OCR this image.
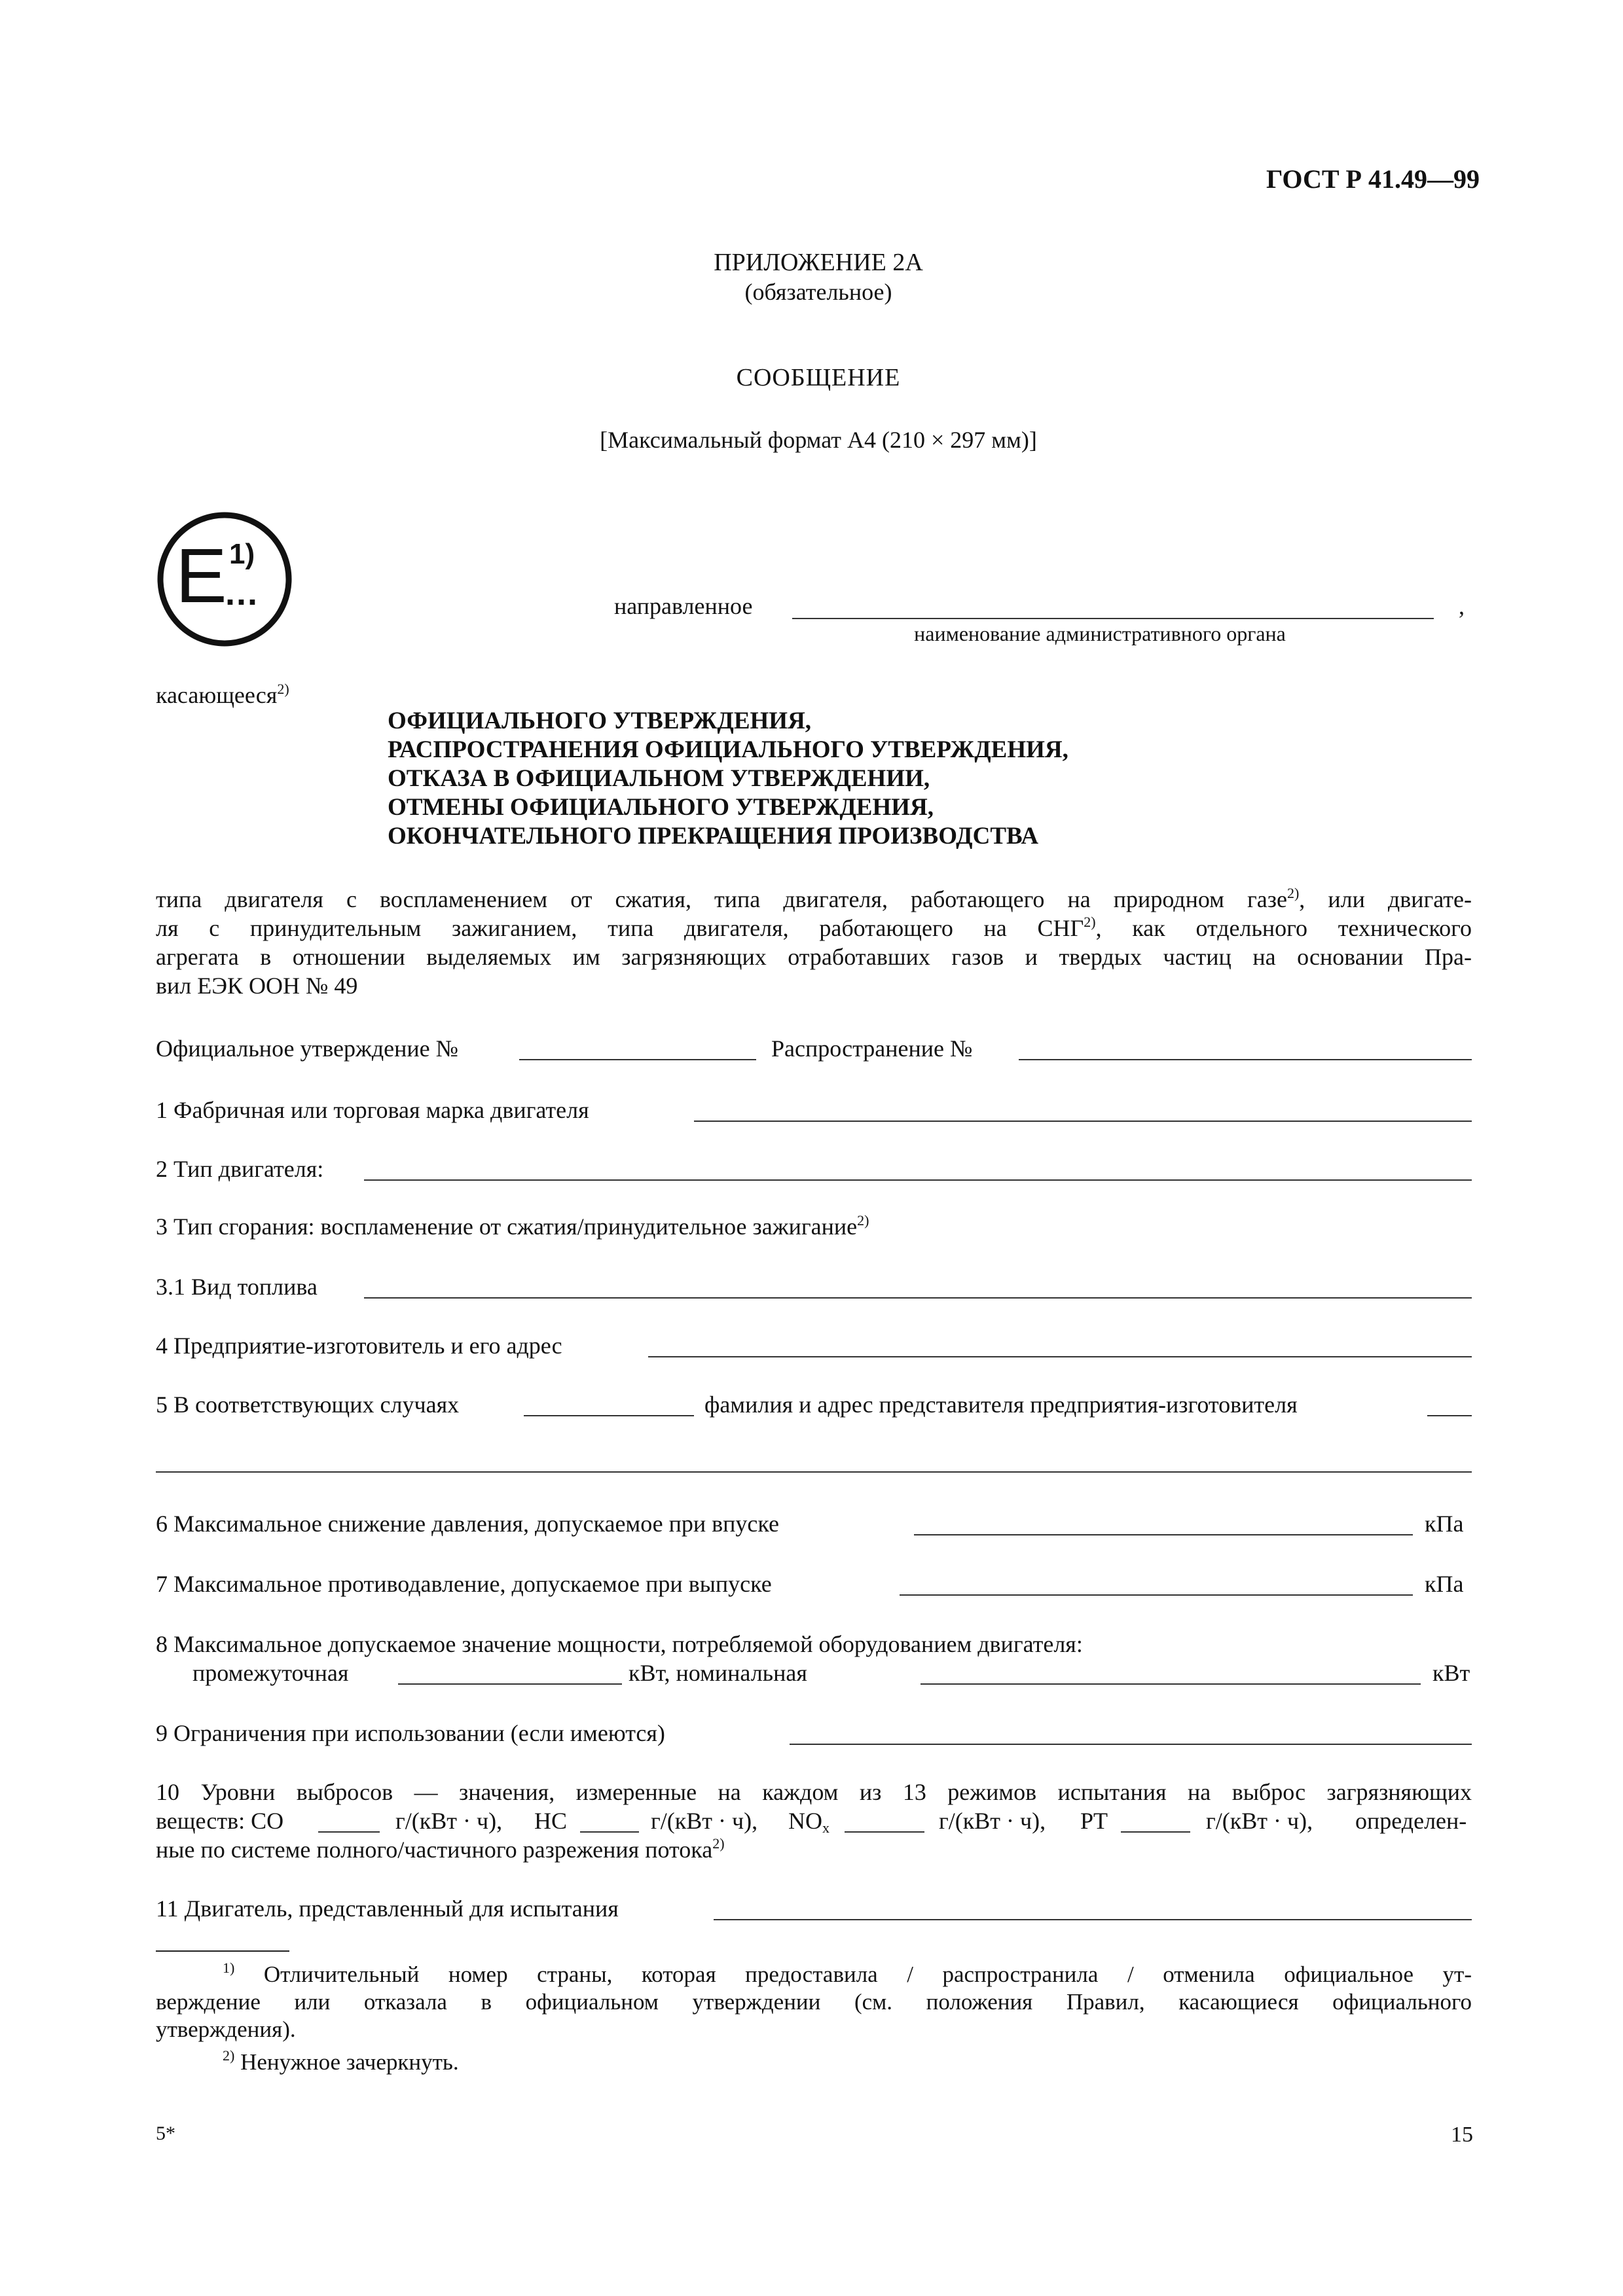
ГОСТ Р 41.49—99
ПРИЛОЖЕНИЕ 2А
(обязательное)
СООБЩЕНИЕ
[Максимальный формат А4 (210 × 297 мм)]
E 1)
...	направленное	,
наименование административного органа
касающееся$^{2)}$
ОФИЦИАЛЬНОГО УТВЕРЖДЕНИЯ,
РАСПРОСТРАНЕНИЯ ОФИЦИАЛЬНОГО УТВЕРЖДЕНИЯ,
ОТКАЗА В ОФИЦИАЛЬНОМ УТВЕРЖДЕНИИ,
ОТМЕНЫ ОФИЦИАЛЬНОГО УТВЕРЖДЕНИЯ,
ОКОНЧАТЕЛЬНОГО ПРЕКРАЩЕНИЯ ПРОИЗВОДСТВА
типа двигателя с воспламенением от сжатия, типа двигателя, работающего на природном газе$^{2)}$, или двигате-
ля с принудительным зажиганием, типа двигателя, работающего на СНГ$^{2)}$, как отдельного технического
агрегата в отношении выделяемых им загрязняющих отработавших газов и твердых частиц на основании Пра-
вил ЕЭК ООН № 49
Официальное утверждение №	Распространение №
1 Фабричная или торговая марка двигателя
2 Тип двигателя:
3 Тип сгорания: воспламенение от сжатия/принудительное зажигание$^{2)}$
3.1 Вид топлива
4 Предприятие-изготовитель и его адрес
5 В соответствующих случаях	фамилия и адрес представителя предприятия-изготовителя
6 Максимальное снижение давления, допускаемое при впуске	кПа
7 Максимальное противодавление, допускаемое при выпуске	кПа
8 Максимальное допускаемое значение мощности, потребляемой оборудованием двигателя:
промежуточная	кВт, номинальная	кВт
9 Ограничения при использовании (если имеются)
10 Уровни выбросов — значения, измеренные на каждом из 13 режимов испытания на выброс загрязняющих
веществ: СО	г/(кВт · ч), HC	г/(кВт · ч), $NO_x$	г/(кВт · ч), PT	г/(кВт · ч), определен-
ные по системе полного/частичного разрежения потока$^{2)}$
11 Двигатель, представленный для испытания
$^{1)}$ Отличительный номер страны, которая предоставила / распространила / отменила официальное ут-
верждение или отказала в официальном утверждении (см. положения Правил, касающиеся официального
утверждения).
$^{2)}$ Ненужное зачеркнуть.
5*	15
